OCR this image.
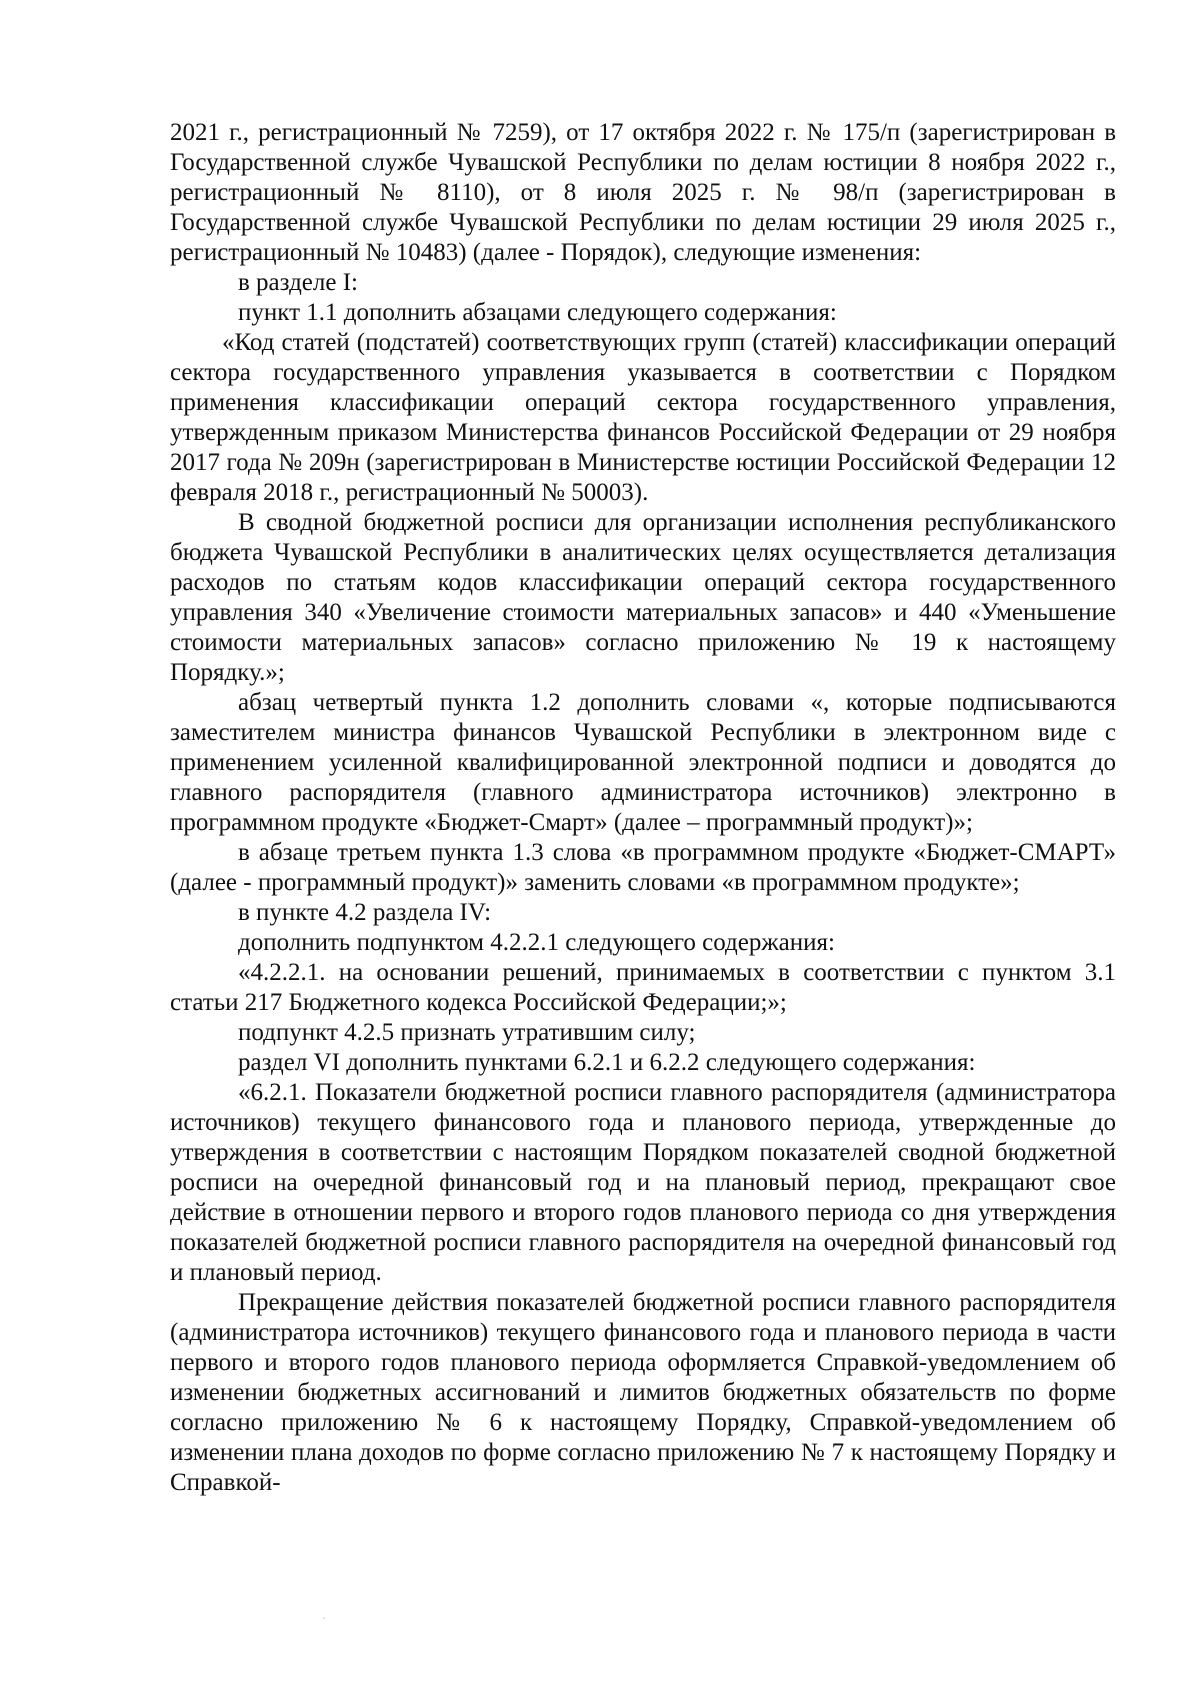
2021 г., регистрационный № 7259), от 17 октября 2022 г. № 175/п (зарегистрирован в Государственной службе Чувашской Республики по делам юстиции 8 ноября 2022 г., регистрационный № 8110), от 8 июля 2025 г. № 98/п (зарегистрирован в Государственной службе Чувашской Республики по делам юстиции 29 июля 2025 г., регистрационный № 10483) (далее - Порядок), следующие изменения:

в разделе I:

пункт 1.1 дополнить абзацами следующего содержания:

«Код статей (подстатей) соответствующих групп (статей) классификации операций сектора государственного управления указывается в соответствии с Порядком применения классификации операций сектора государственного управления, утвержденным приказом Министерства финансов Российской Федерации от 29 ноября 2017 года № 209н (зарегистрирован в Министерстве юстиции Российской Федерации 12 февраля 2018 г., регистрационный № 50003).

В сводной бюджетной росписи для организации исполнения республиканского бюджета Чувашской Республики в аналитических целях осуществляется детализация расходов по статьям кодов классификации операций сектора государственного управления 340 «Увеличение стоимости материальных запасов» и 440 «Уменьшение стоимости материальных запасов» согласно приложению № 19 к настоящему Порядку.»;

абзац четвертый пункта 1.2 дополнить словами «, которые подписываются заместителем министра финансов Чувашской Республики в электронном виде с применением усиленной квалифицированной электронной подписи и доводятся до главного распорядителя (главного администратора источников) электронно в программном продукте «Бюджет-Смарт» (далее – программный продукт)»;

в абзаце третьем пункта 1.3 слова «в программном продукте «Бюджет-СМАРТ» (далее - программный продукт)» заменить словами «в программном продукте»;

в пункте 4.2 раздела IV:

дополнить подпунктом 4.2.2.1 следующего содержания:

«4.2.2.1. на основании решений, принимаемых в соответствии с пунктом 3.1 статьи 217 Бюджетного кодекса Российской Федерации;»;

подпункт 4.2.5 признать утратившим силу;

раздел VI дополнить пунктами 6.2.1 и 6.2.2 следующего содержания:

«6.2.1. Показатели бюджетной росписи главного распорядителя (администратора источников) текущего финансового года и планового периода, утвержденные до утверждения в соответствии с настоящим Порядком показателей сводной бюджетной росписи на очередной финансовый год и на плановый период, прекращают свое действие в отношении первого и второго годов планового периода со дня утверждения показателей бюджетной росписи главного распорядителя на очередной финансовый год и плановый период.

Прекращение действия показателей бюджетной росписи главного распорядителя (администратора источников) текущего финансового года и планового периода в части первого и второго годов планового периода оформляется Справкой-уведомлением об изменении бюджетных ассигнований и лимитов бюджетных обязательств по форме согласно приложению № 6 к настоящему Порядку, Справкой-уведомлением об изменении плана доходов по форме согласно приложению № 7 к настоящему Порядку и Справкой-
